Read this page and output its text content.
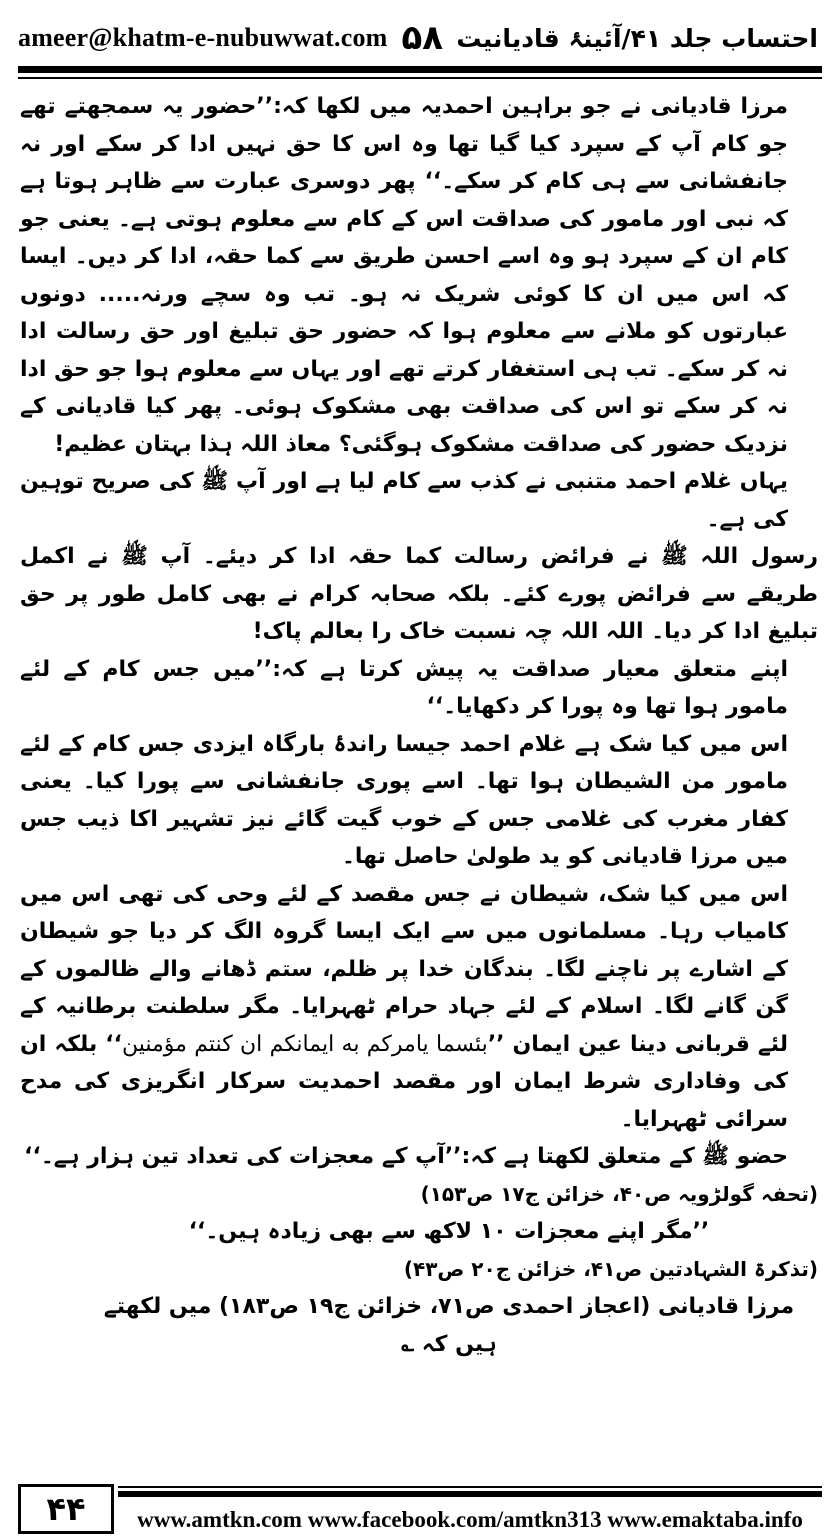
ameer@khatm-e-nubuwwat.com ۵۸ احتساب جلد ۴۱/آئینۂ قادیانیت

مرزا قادیانی نے جو براہین احمدیہ میں لکھا کہ:’’حضور یہ سمجھتے تھے جو کام آپ کے سپرد کیا گیا تھا وہ اس کا حق نہیں ادا کر سکے اور نہ جانفشانی سے ہی کام کر سکے۔‘‘ پھر دوسری عبارت سے ظاہر ہوتا ہے کہ نبی اور مامور کی صداقت اس کے کام سے معلوم ہوتی ہے۔ یعنی جو کام ان کے سپرد ہو وہ اسے احسن طریق سے کما حقہ، ادا کر دیں۔ ایسا کہ اس میں ان کا کوئی شریک نہ ہو۔ تب وہ سچے ورنہ..... دونوں عبارتوں کو ملانے سے معلوم ہوا کہ حضور حق تبلیغ اور حق رسالت ادا نہ کر سکے۔ تب ہی استغفار کرتے تھے اور یہاں سے معلوم ہوا جو حق ادا نہ کر سکے تو اس کی صداقت بھی مشکوک ہوئی۔ پھر کیا قادیانی کے نزدیک حضور کی صداقت مشکوک ہوگئی؟ معاذ اللہ ہذا بہتان عظیم!

یہاں غلام احمد متنبی نے کذب سے کام لیا ہے اور آپ ﷺ کی صریح توہین کی ہے۔

رسول اللہ ﷺ نے فرائض رسالت کما حقہ ادا کر دیئے۔ آپ ﷺ نے اکمل طریقے سے فرائض پورے کئے۔ بلکہ صحابہ کرام نے بھی کامل طور پر حق تبلیغ ادا کر دیا۔ اللہ اللہ چہ نسبت خاک را بعالم پاک!

اپنے متعلق معیار صداقت یہ پیش کرتا ہے کہ:’’میں جس کام کے لئے مامور ہوا تھا وہ پورا کر دکھایا۔‘‘

اس میں کیا شک ہے غلام احمد جیسا راندۂ بارگاہ ایزدی جس کام کے لئے مامور من الشیطان ہوا تھا۔ اسے پوری جانفشانی سے پورا کیا۔ یعنی کفار مغرب کی غلامی جس کے خوب گیت گائے نیز تشہیر اکا ذیب جس میں مرزا قادیانی کو ید طولیٰ حاصل تھا۔

اس میں کیا شک، شیطان نے جس مقصد کے لئے وحی کی تھی اس میں کامیاب رہا۔ مسلمانوں میں سے ایک ایسا گروہ الگ کر دیا جو شیطان کے اشارے پر ناچنے لگا۔ بندگان خدا پر ظلم، ستم ڈھانے والے ظالموں کے گن گانے لگا۔ اسلام کے لئے جہاد حرام ٹھہرایا۔ مگر سلطنت برطانیہ کے لئے قربانی دینا عین ایمان ’’بئسما یامرکم به ایمانکم ان کنتم مؤمنین‘‘ بلکہ ان کی وفاداری شرط ایمان اور مقصد احمدیت سرکار انگریزی کی مدح سرائی ٹھہرایا۔

حضو ﷺ کے متعلق لکھتا ہے کہ:’’آپ کے معجزات کی تعداد تین ہزار ہے۔‘‘

(تحفہ گولڑویہ ص۴۰، خزائن ج۱۷ ص۱۵۳)

’’مگر اپنے معجزات ۱۰ لاکھ سے بھی زیادہ ہیں۔‘‘

(تذکرۃ الشہادتین ص۴۱، خزائن ج۲۰ ص۴۳)

مرزا قادیانی (اعجاز احمدی ص۷۱، خزائن ج۱۹ ص۱۸۳) میں لکھتے ہیں کہ ؎

۴۴	www.amtkn.com www.facebook.com/amtkn313 www.emaktaba.info
